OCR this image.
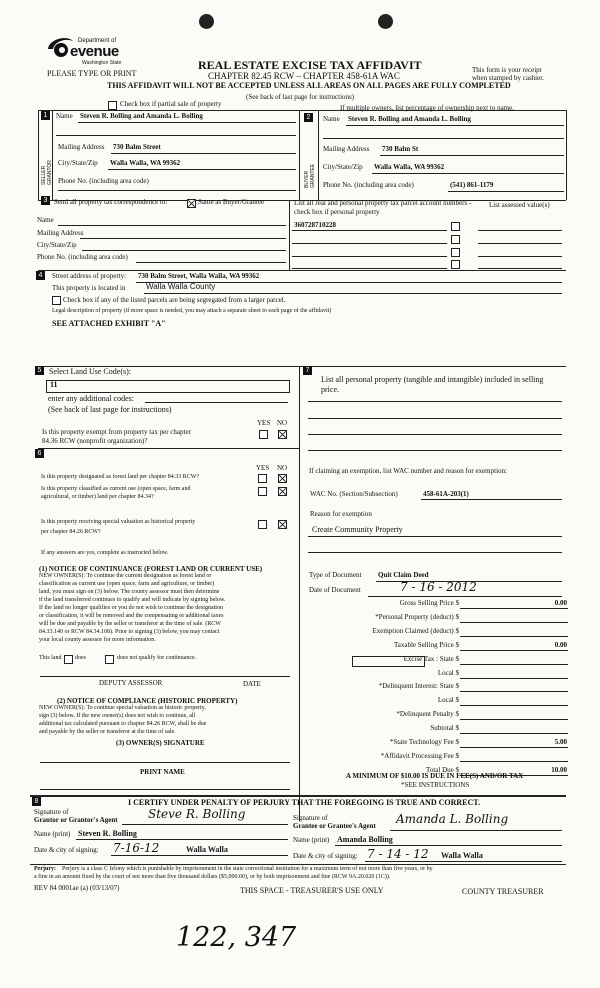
Department of
evenue
Washington State	REAL ESTATE EXCISE TAX AFFIDAVIT
CHAPTER 82.45 RCW – CHAPTER 458-61A WAC
PLEASE TYPE OR PRINT	This form is your receipt
when stamped by cashier.
THIS AFFIDAVIT WILL NOT BE ACCEPTED UNLESS ALL AREAS ON ALL PAGES ARE FULLY COMPLETED
(See back of last page for instructions)
Check box if partial sale of property	If multiple owners, list percentage of ownership next to name.
1
SELLER GRANTOR
Name Steven R. Bolling and Amanda L. Bolling
Mailing Address 730 Balm Street
City/State/Zip Walla Walla, WA 99362
Phone No. (including area code)
2
BUYER GRANTEE
Name Steven R. Bolling and Amanda L. Bolling
Mailing Address 730 Balm St
City/State/Zip Walla Walla, WA 99362
Phone No. (including area code)	(541) 861-1179
3 Send all property tax correspondence to:	Same as Buyer/Grantee
Name
Mailing Address
City/State/Zip
Phone No. (including area code)
List all real and personal property tax parcel account numbers - check box if personal property
List assessed value(s)
360728710228
4	Street address of property: 730 Balm Street, Walla Walla, WA 99362
This property is located in	Walla Walla County
Check box if any of the listed parcels are being segregated from a larger parcel.
Legal description of property (if more space is needed, you may attach a separate sheet to each page of the affidavit)
SEE ATTACHED EXHIBIT "A"
5 Select Land Use Code(s):
11
enter any additional codes:
(See back of last page for instructions)
YES NO
Is this property exempt from property tax per chapter
84.36 RCW (nonprofit organization)?
6
YES NO
Is this property designated as forest land per chapter 84.33 RCW?
Is this property classified as current use (open space, farm and
agricultural, or timber) land per chapter 84.34?
Is this property receiving special valuation as historical property
per chapter 84.26 RCW?
If any answers are yes, complete as instructed below.
(1) NOTICE OF CONTINUANCE (FOREST LAND OR CURRENT USE)
NEW OWNER(S): To continue the current designation as forest land or
classification as current use (open space, farm and agriculture, or timber)
land, you must sign on (3) below. The county assessor must then determine
if the land transferred continues to qualify and will indicate by signing below.
If the land no longer qualifies or you do not wish to continue the designation
or classification, it will be removed and the compensating or additional taxes
will be due and payable by the seller or transferor at the time of sale. (RCW
84.33.140 or RCW 84.34.108). Prior to signing (3) below, you may contact
your local county assessor for more information.
This land does	does not qualify for continuance.
DEPUTY ASSESSOR	DATE
(2) NOTICE OF COMPLIANCE (HISTORIC PROPERTY)
NEW OWNER(S): To continue special valuation as historic property,
sign (3) below. If the new owner(s) does not wish to continue, all
additional tax calculated pursuant to chapter 84.26 RCW, shall be due
and payable by the seller or transferor at the time of sale.
(3) OWNER(S) SIGNATURE
PRINT NAME
7
List all personal property (tangible and intangible) included in selling
price.
If claiming an exemption, list WAC number and reason for exemption:
WAC No. (Section/Subsection)	458-61A-203(1)
Reason for exemption
Create Community Property
Type of Document Quit Claim Deed
Date of Document	7 - 16 - 2012
Gross Selling Price $	0.00
*Personal Property (deduct) $
Exemption Claimed (deduct) $
Taxable Selling Price $	0.00
Excise Tax : State $
Local $
*Delinquent Interest: State $
Local $
*Delinquent Penalty $
Subtotal $
*State Technology Fee $	5.00
*Affidavit Processing Fee $
Total Due $	10.00
A MINIMUM OF $10.00 IS DUE IN FEE(S) AND/OR TAX
*SEE INSTRUCTIONS
8	I CERTIFY UNDER PENALTY OF PERJURY THAT THE FOREGOING IS TRUE AND CORRECT.
Signature of
Grantor or Grantor's Agent	Steve R. Bolling
Name (print) Steven R. Bolling
Date & city of signing: 7-16-12	Walla Walla
Signature of
Grantee or Grantee's Agent Amanda L. Bolling
Name (print) Amanda Bolling
Date & city of signing: 7 - 14 - 12 Walla Walla
Perjury: Perjury is a class C felony which is punishable by imprisonment in the state correctional institution for a maximum term of not more than five years, or by
a fine in an amount fixed by the court of not more than five thousand dollars ($5,000.00), or by both imprisonment and fine (RCW 9A.20.020 (1C)).
REV 84 0001ae (a) (03/13/07)	THIS SPACE - TREASURER'S USE ONLY	COUNTY TREASURER
122, 347
